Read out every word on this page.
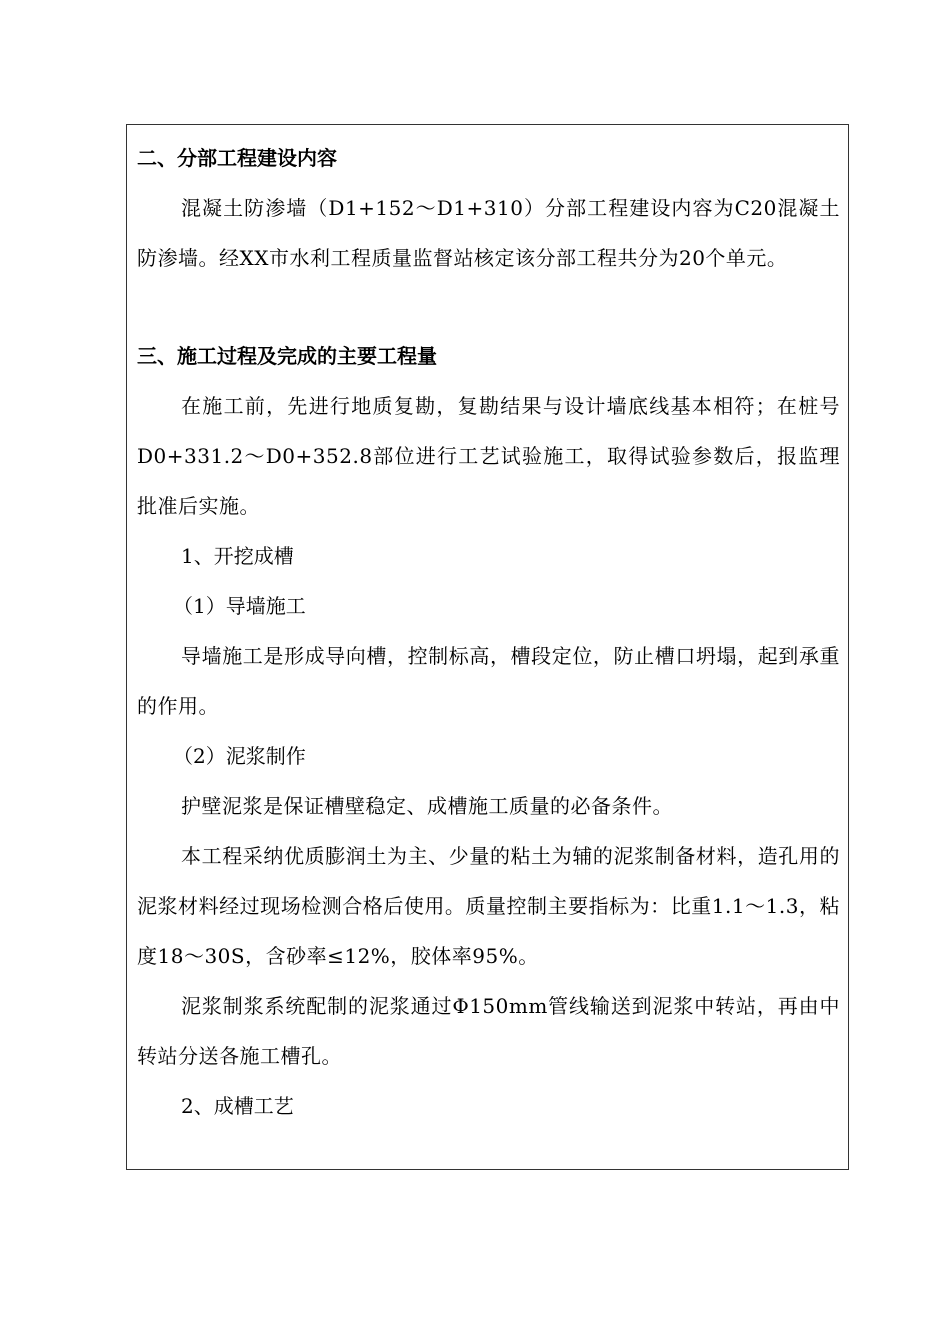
二、分部工程建设内容
混凝土防渗墙（D1+152～D1+310）分部工程建设内容为C20混凝土防渗墙。经XX市水利工程质量监督站核定该分部工程共分为20个单元。
三、施工过程及完成的主要工程量
在施工前，先进行地质复勘，复勘结果与设计墙底线基本相符；在桩号D0+331.2～D0+352.8部位进行工艺试验施工，取得试验参数后，报监理批准后实施。
1、开挖成槽
（1）导墙施工
导墙施工是形成导向槽，控制标高，槽段定位，防止槽口坍塌，起到承重的作用。
（2）泥浆制作
护壁泥浆是保证槽壁稳定、成槽施工质量的必备条件。
本工程采纳优质膨润土为主、少量的粘土为辅的泥浆制备材料，造孔用的泥浆材料经过现场检测合格后使用。质量控制主要指标为：比重1.1～1.3，粘度18～30S，含砂率≤12%，胶体率95%。
泥浆制浆系统配制的泥浆通过Φ150mm管线输送到泥浆中转站，再由中转站分送各施工槽孔。
2、成槽工艺
